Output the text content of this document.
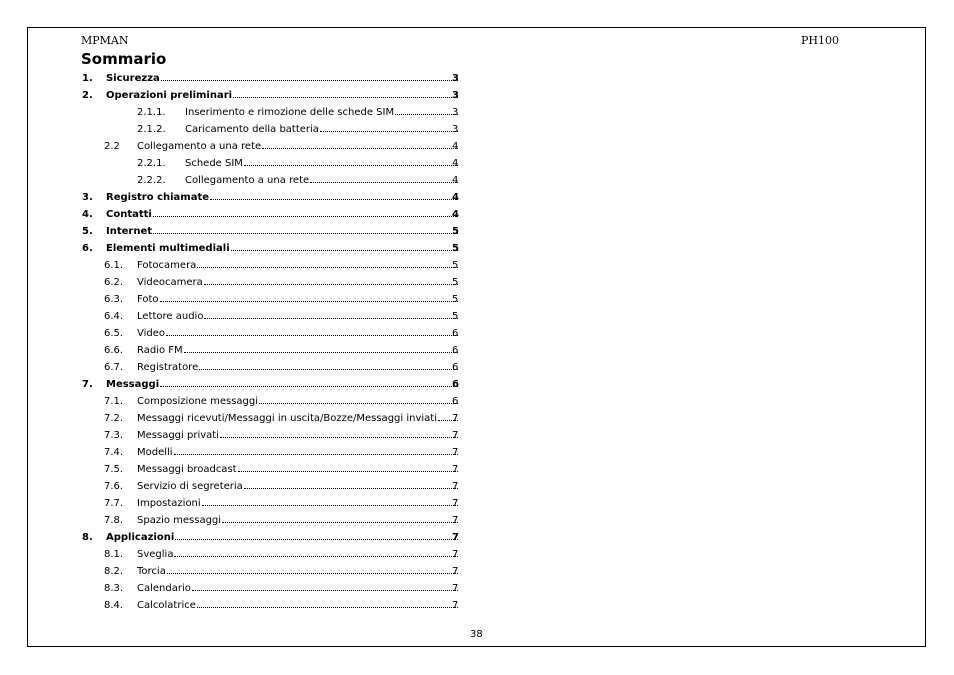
MPMAN	PH100
Sommario
1. Sicurezza	3
2. Operazioni preliminari	3
2.1.1. Inserimento e rimozione delle schede SIM	3
2.1.2. Caricamento della batteria	3
2.2 Collegamento a una rete	4
2.2.1. Schede SIM	4
2.2.2. Collegamento a una rete	4
3. Registro chiamate	4
4. Contatti	4
5. Internet	5
6. Elementi multimediali	5
6.1. Fotocamera	5
6.2. Videocamera	5
6.3. Foto	5
6.4. Lettore audio	5
6.5. Video	6
6.6. Radio FM	6
6.7. Registratore	6
7. Messaggi	6
7.1. Composizione messaggi	6
7.2. Messaggi ricevuti/Messaggi in uscita/Bozze/Messaggi inviati 7
7.3. Messaggi privati	7
7.4. Modelli	7
7.5. Messaggi broadcast	7
7.6. Servizio di segreteria	7
7.7. Impostazioni	7
7.8. Spazio messaggi	7
8. Applicazioni	7
8.1. Sveglia	7
8.2. Torcia	7
8.3. Calendario	7
8.4. Calcolatrice	7
38
